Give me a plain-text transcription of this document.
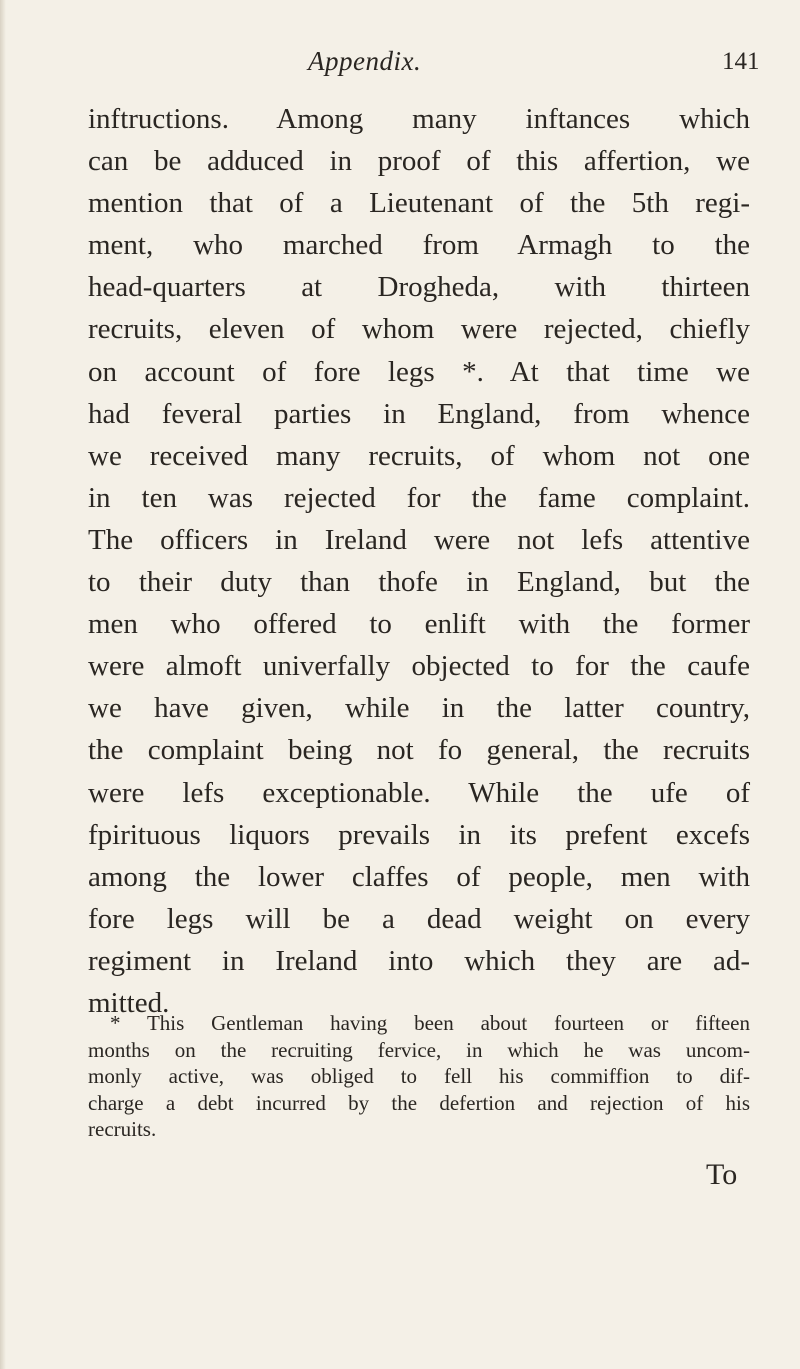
Appendix.	141
inftructions. Among many inftances which
can be adduced in proof of this affertion, we
mention that of a Lieutenant of the 5th regi-
ment, who marched from Armagh to the
head-quarters at Drogheda, with thirteen
recruits, eleven of whom were rejected, chiefly
on account of fore legs *. At that time we
had feveral parties in England, from whence
we received many recruits, of whom not one
in ten was rejected for the fame complaint.
The officers in Ireland were not lefs attentive
to their duty than thofe in England, but the
men who offered to enlift with the former
were almoft univerfally objected to for the caufe
we have given, while in the latter country,
the complaint being not fo general, the recruits
were lefs exceptionable. While the ufe of
fpirituous liquors prevails in its prefent excefs
among the lower claffes of people, men with
fore legs will be a dead weight on every
regiment in Ireland into which they are ad-
mitted.
* This Gentleman having been about fourteen or fifteen
months on the recruiting fervice, in which he was uncom-
monly active, was obliged to fell his commiffion to dif-
charge a debt incurred by the defertion and rejection of his
recruits.
To
